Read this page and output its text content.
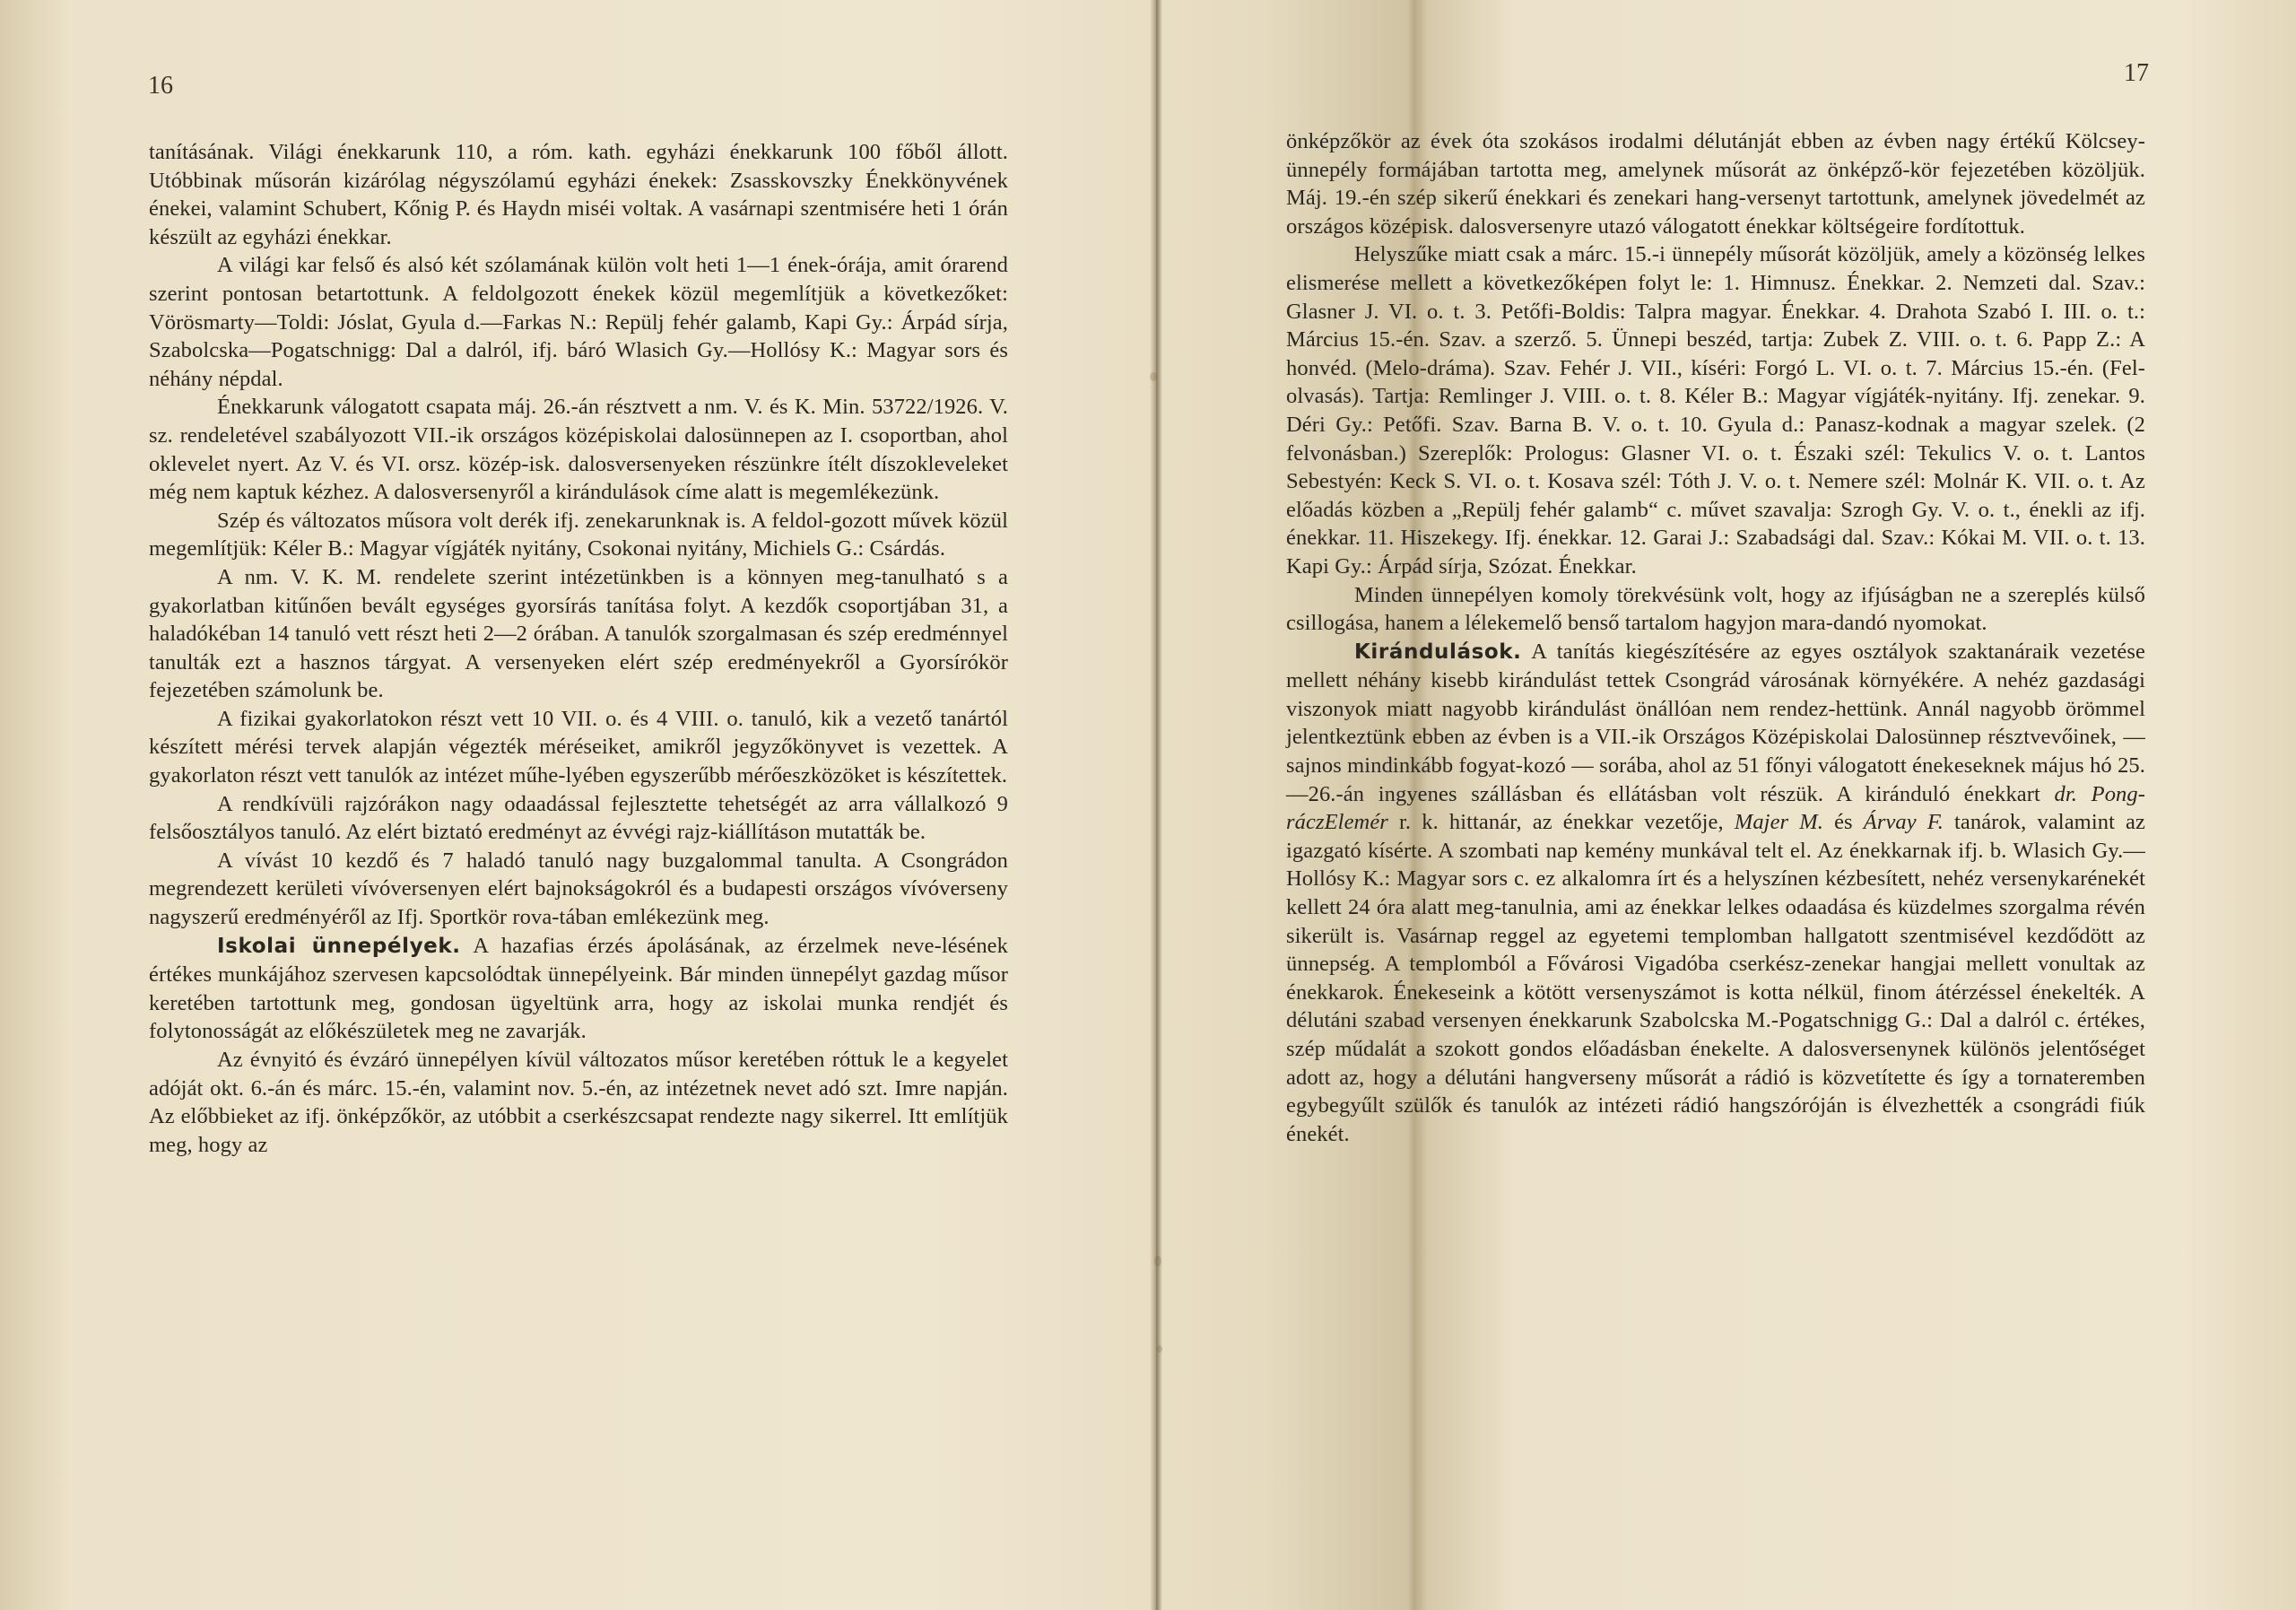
16

tanításának. Világi énekkarunk 110, a róm. kath. egyházi énekkarunk 100 főből állott. Utóbbinak műsorán kizárólag négyszólamú egyházi énekek: Zsasskovszky Énekkönyvének énekei, valamint Schubert, Kőnig P. és Haydn miséi voltak. A vasárnapi szentmisére heti 1 órán készült az egyházi énekkar.

A világi kar felső és alsó két szólamának külön volt heti 1—1 ének-órája, amit órarend szerint pontosan betartottunk. A feldolgozott énekek közül megemlítjük a következőket: Vörösmarty—Toldi: Jóslat, Gyula d.—Farkas N.: Repülj fehér galamb, Kapi Gy.: Árpád sírja, Szabolcska—Pogatschnigg: Dal a dalról, ifj. báró Wlasich Gy.—Hollósy K.: Magyar sors és néhány népdal.

Énekkarunk válogatott csapata máj. 26.-án résztvett a nm. V. és K. Min. 53722/1926. V. sz. rendeletével szabályozott VII.-ik országos középiskolai dalosünnepen az I. csoportban, ahol oklevelet nyert. Az V. és VI. orsz. közép-isk. dalosversenyeken részünkre ítélt díszokleveleket még nem kaptuk kézhez. A dalosversenyről a kirándulások címe alatt is megemlékezünk.

Szép és változatos műsora volt derék ifj. zenekarunknak is. A feldol-gozott művek közül megemlítjük: Kéler B.: Magyar vígjáték nyitány, Csokonai nyitány, Michiels G.: Csárdás.

A nm. V. K. M. rendelete szerint intézetünkben is a könnyen meg-tanulható s a gyakorlatban kitűnően bevált egységes gyorsírás tanítása folyt. A kezdők csoportjában 31, a haladókéban 14 tanuló vett részt heti 2—2 órában. A tanulók szorgalmasan és szép eredménnyel tanulták ezt a hasznos tárgyat. A versenyeken elért szép eredményekről a Gyorsírókör fejezetében számolunk be.

A fizikai gyakorlatokon részt vett 10 VII. o. és 4 VIII. o. tanuló, kik a vezető tanártól készített mérési tervek alapján végezték méréseiket, amikről jegyzőkönyvet is vezettek. A gyakorlaton részt vett tanulók az intézet műhe-lyében egyszerűbb mérőeszközöket is készítettek.

A rendkívüli rajzórákon nagy odaadással fejlesztette tehetségét az arra vállalkozó 9 felsőosztályos tanuló. Az elért biztató eredményt az évvégi rajz-kiállításon mutatták be.

A vívást 10 kezdő és 7 haladó tanuló nagy buzgalommal tanulta. A Csongrádon megrendezett kerületi vívóversenyen elért bajnokságokról és a budapesti országos vívóverseny nagyszerű eredményéről az Ifj. Sportkör rova-tában emlékezünk meg.

Iskolai ünnepélyek. A hazafias érzés ápolásának, az érzelmek neve-lésének értékes munkájához szervesen kapcsolódtak ünnepélyeink. Bár minden ünnepélyt gazdag műsor keretében tartottunk meg, gondosan ügyeltünk arra, hogy az iskolai munka rendjét és folytonosságát az előkészületek meg ne zavarják.

Az évnyitó és évzáró ünnepélyen kívül változatos műsor keretében róttuk le a kegyelet adóját okt. 6.-án és márc. 15.-én, valamint nov. 5.-én, az intézetnek nevet adó szt. Imre napján. Az előbbieket az ifj. önképzőkör, az utóbbit a cserkészcsapat rendezte nagy sikerrel. Itt említjük meg, hogy az

17

önképzőkör az évek óta szokásos irodalmi délutánját ebben az évben nagy értékű Kölcsey-ünnepély formájában tartotta meg, amelynek műsorát az önképző-kör fejezetében közöljük. Máj. 19.-én szép sikerű énekkari és zenekari hang-versenyt tartottunk, amelynek jövedelmét az országos középisk. dalosversenyre utazó válogatott énekkar költségeire fordítottuk.

Helyszűke miatt csak a márc. 15.-i ünnepély műsorát közöljük, amely a közönség lelkes elismerése mellett a következőképen folyt le: 1. Himnusz. Énekkar. 2. Nemzeti dal. Szav.: Glasner J. VI. o. t. 3. Petőfi-Boldis: Talpra magyar. Énekkar. 4. Drahota Szabó I. III. o. t.: Március 15.-én. Szav. a szerző. 5. Ünnepi beszéd, tartja: Zubek Z. VIII. o. t. 6. Papp Z.: A honvéd. (Melo-dráma). Szav. Fehér J. VII., kíséri: Forgó L. VI. o. t. 7. Március 15.-én. (Fel-olvasás). Tartja: Remlinger J. VIII. o. t. 8. Kéler B.: Magyar vígjáték-nyitány. Ifj. zenekar. 9. Déri Gy.: Petőfi. Szav. Barna B. V. o. t. 10. Gyula d.: Panasz-kodnak a magyar szelek. (2 felvonásban.) Szereplők: Prologus: Glasner VI. o. t. Északi szél: Tekulics V. o. t. Lantos Sebestyén: Keck S. VI. o. t. Kosava szél: Tóth J. V. o. t. Nemere szél: Molnár K. VII. o. t. Az előadás közben a „Repülj fehér galamb“ c. művet szavalja: Szrogh Gy. V. o. t., énekli az ifj. énekkar. 11. Hiszekegy. Ifj. énekkar. 12. Garai J.: Szabadsági dal. Szav.: Kókai M. VII. o. t. 13. Kapi Gy.: Árpád sírja, Szózat. Énekkar.

Minden ünnepélyen komoly törekvésünk volt, hogy az ifjúságban ne a szereplés külső csillogása, hanem a lélekemelő benső tartalom hagyjon mara-dandó nyomokat.

Kirándulások. A tanítás kiegészítésére az egyes osztályok szaktanáraik vezetése mellett néhány kisebb kirándulást tettek Csongrád városának környékére. A nehéz gazdasági viszonyok miatt nagyobb kirándulást önállóan nem rendez-hettünk. Annál nagyobb örömmel jelentkeztünk ebben az évben is a VII.-ik Országos Középiskolai Dalosünnep résztvevőinek, — sajnos mindinkább fogyat-kozó — sorába, ahol az 51 főnyi válogatott énekeseknek május hó 25.—26.-án ingyenes szállásban és ellátásban volt részük. A kiránduló énekkart dr. Pong-ráczElemér r. k. hittanár, az énekkar vezetője, Majer M. és Árvay F. tanárok, valamint az igazgató kísérte. A szombati nap kemény munkával telt el. Az énekkarnak ifj. b. Wlasich Gy.—Hollósy K.: Magyar sors c. ez alkalomra írt és a helyszínen kézbesített, nehéz versenykarénekét kellett 24 óra alatt meg-tanulnia, ami az énekkar lelkes odaadása és küzdelmes szorgalma révén sikerült is. Vasárnap reggel az egyetemi templomban hallgatott szentmisével kezdődött az ünnepség. A templomból a Fővárosi Vigadóba cserkész-zenekar hangjai mellett vonultak az énekkarok. Énekeseink a kötött versenyszámot is kotta nélkül, finom átérzéssel énekelték. A délutáni szabad versenyen énekkarunk Szabolcska M.-Pogatschnigg G.: Dal a dalról c. értékes, szép műdalát a szokott gondos előadásban énekelte. A dalosversenynek különös jelentőséget adott az, hogy a délutáni hangverseny műsorát a rádió is közvetítette és így a tornateremben egybegyűlt szülők és tanulók az intézeti rádió hangszóróján is élvezhették a csongrádi fiúk énekét.
